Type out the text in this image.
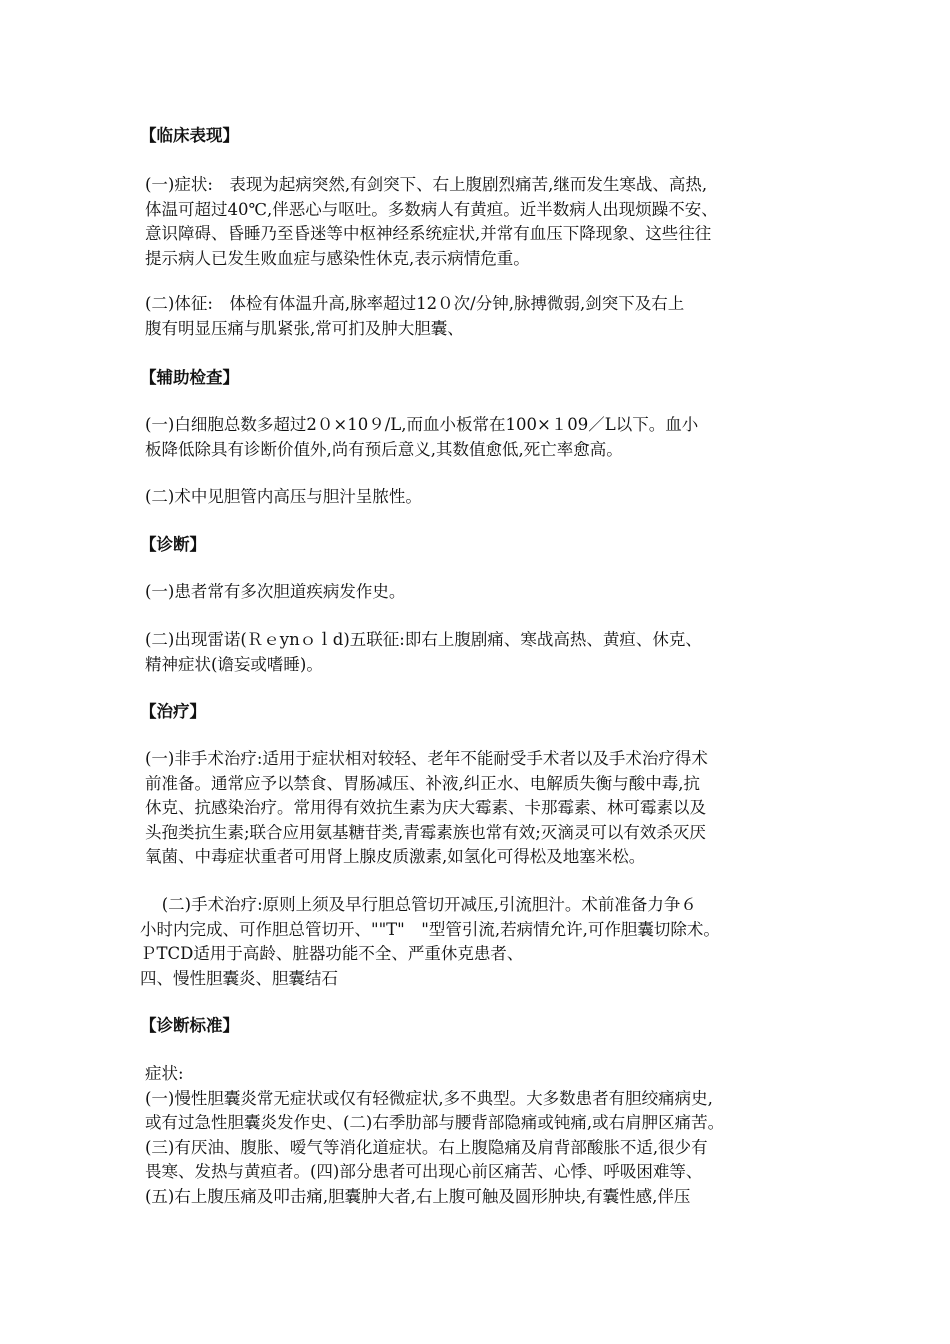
【临床表现】
(一)症状:　表现为起病突然,有剑突下、右上腹剧烈痛苦,继而发生寒战、高热,
体温可超过40℃,伴恶心与呕吐。多数病人有黄疸。近半数病人出现烦躁不安、
意识障碍、昏睡乃至昏迷等中枢神经系统症状,并常有血压下降现象、这些往往
提示病人已发生败血症与感染性休克,表示病情危重。
(二)体征:　体检有体温升高,脉率超过12０次/分钟,脉搏微弱,剑突下及右上
腹有明显压痛与肌紧张,常可扪及肿大胆囊、
【辅助检查】
(一)白细胞总数多超过2０×10９/L,而血小板常在100×１09／L以下。血小
板降低除具有诊断价值外,尚有预后意义,其数值愈低,死亡率愈高。
(二)术中见胆管内高压与胆汁呈脓性。
【诊断】
(一)患者常有多次胆道疾病发作史。
(二)出现雷诺(Ｒｅynｏｌd)五联征:即右上腹剧痛、寒战高热、黄疸、休克、
精神症状(谵妄或嗜睡)。
【治疗】
(一)非手术治疗:适用于症状相对较轻、老年不能耐受手术者以及手术治疗得术
前准备。通常应予以禁食、胃肠减压、补液,纠正水、电解质失衡与酸中毒,抗
休克、抗感染治疗。常用得有效抗生素为庆大霉素、卡那霉素、林可霉素以及
头孢类抗生素;联合应用氨基糖苷类,青霉素族也常有效;灭滴灵可以有效杀灭厌
氧菌、中毒症状重者可用肾上腺皮质激素,如氢化可得松及地塞米松。
　 (二)手术治疗:原则上须及早行胆总管切开减压,引流胆汁。术前准备力争６
小时内完成、可作胆总管切开、""T"　"型管引流,若病情允许,可作胆囊切除术。
ＰTCD适用于高龄、脏器功能不全、严重休克患者、
四、慢性胆囊炎、胆囊结石
【诊断标准】
症状:
(一)慢性胆囊炎常无症状或仅有轻微症状,多不典型。大多数患者有胆绞痛病史,
或有过急性胆囊炎发作史、(二)右季肋部与腰背部隐痛或钝痛,或右肩胛区痛苦。
(三)有厌油、腹胀、嗳气等消化道症状。右上腹隐痛及肩背部酸胀不适,很少有
畏寒、发热与黄疸者。(四)部分患者可出现心前区痛苦、心悸、呼吸困难等、
(五)右上腹压痛及叩击痛,胆囊肿大者,右上腹可触及圆形肿块,有囊性感,伴压
